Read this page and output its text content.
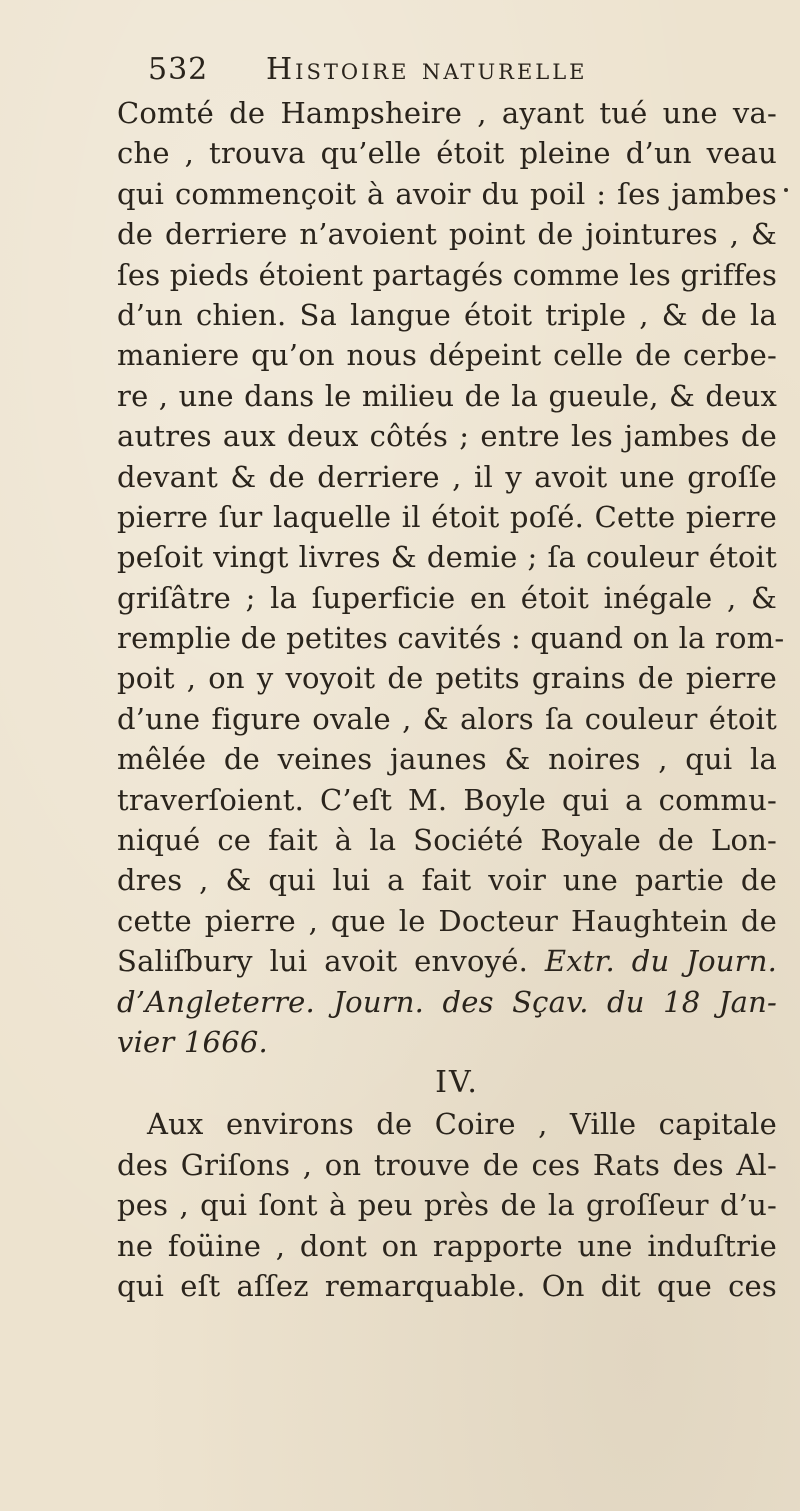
532	Histoire naturelle
Comté de Hampsheire , ayant tué une va-
che , trouva qu’elle étoit pleine d’un veau
qui commençoit à avoir du poil : ſes jambes
de derriere n’avoient point de jointures , &
ſes pieds étoient partagés comme les griffes
d’un chien. Sa langue étoit triple , & de la
maniere qu’on nous dépeint celle de cerbe-
re , une dans le milieu de la gueule, & deux
autres aux deux côtés ; entre les jambes de
devant & de derriere , il y avoit une groſſe
pierre ſur laquelle il étoit poſé. Cette pierre
peſoit vingt livres & demie ; ſa couleur étoit
griſâtre ; la ſuperficie en étoit inégale , &
remplie de petites cavités : quand on la rom-
poit , on y voyoit de petits grains de pierre
d’une figure ovale , & alors ſa couleur étoit
mêlée de veines jaunes & noires , qui la
traverſoient. C’eſt M. Boyle qui a commu-
niqué ce fait à la Société Royale de Lon-
dres , & qui lui a fait voir une partie de
cette pierre , que le Docteur Haughtein de
Saliſbury lui avoit envoyé. Extr. du Journ.
d’Angleterre. Journ. des Sçav. du 18 Jan-
vier 1666.
IV.
Aux environs de Coire , Ville capitale
des Griſons , on trouve de ces Rats des Al-
pes , qui ſont à peu près de la groſſeur d’u-
ne foüine , dont on rapporte une induſtrie
qui eſt aſſez remarquable. On dit que ces
